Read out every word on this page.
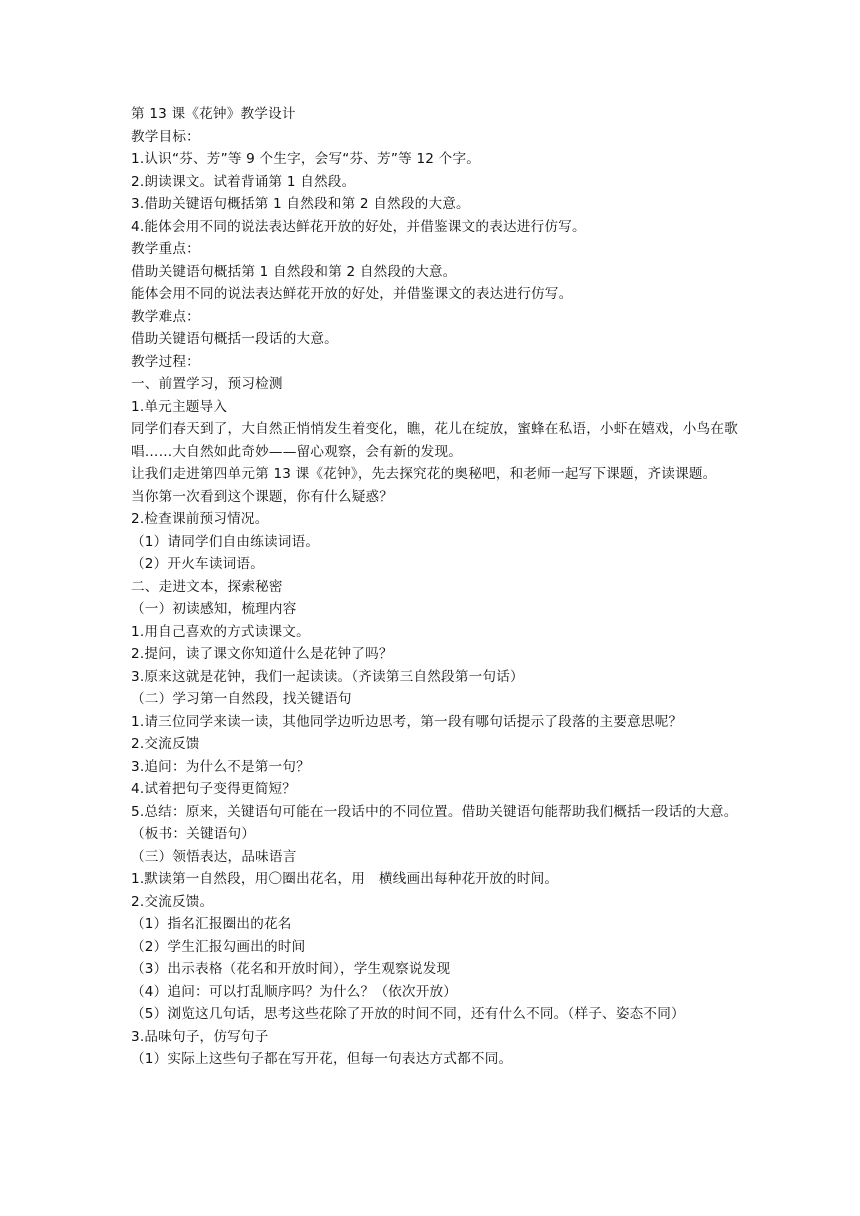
第 13 课《花钟》教学设计

教学目标：

1.认识“芬、芳”等 9 个生字，会写“芬、芳”等 12 个字。

2.朗读课文。试着背诵第 1 自然段。

3.借助关键语句概括第 1 自然段和第 2 自然段的大意。

4.能体会用不同的说法表达鲜花开放的好处，并借鉴课文的表达进行仿写。

教学重点：

借助关键语句概括第 1 自然段和第 2 自然段的大意。

能体会用不同的说法表达鲜花开放的好处，并借鉴课文的表达进行仿写。

教学难点：

借助关键语句概括一段话的大意。

教学过程：

一、前置学习，预习检测

1.单元主题导入

同学们春天到了，大自然正悄悄发生着变化，瞧，花儿在绽放，蜜蜂在私语，小虾在嬉戏，小鸟在歌唱……大自然如此奇妙——留心观察，会有新的发现。

让我们走进第四单元第 13 课《花钟》，先去探究花的奥秘吧，和老师一起写下课题，齐读课题。

当你第一次看到这个课题，你有什么疑惑？

2.检查课前预习情况。

（1）请同学们自由练读词语。

（2）开火车读词语。

二、走进文本，探索秘密

（一）初读感知，梳理内容

1.用自己喜欢的方式读课文。

2.提问，读了课文你知道什么是花钟了吗？

3.原来这就是花钟，我们一起读读。（齐读第三自然段第一句话）

（二）学习第一自然段，找关键语句

1.请三位同学来读一读，其他同学边听边思考，第一段有哪句话提示了段落的主要意思呢？

2.交流反馈

3.追问：为什么不是第一句？

4.试着把句子变得更简短？

5.总结：原来，关键语句可能在一段话中的不同位置。借助关键语句能帮助我们概括一段话的大意。（板书：关键语句）

（三）领悟表达，品味语言

1.默读第一自然段，用〇圈出花名，用　横线画出每种花开放的时间。

2.交流反馈。

（1）指名汇报圈出的花名

（2）学生汇报勾画出的时间

（3）出示表格（花名和开放时间），学生观察说发现

（4）追问：可以打乱顺序吗？为什么？（依次开放）

（5）浏览这几句话，思考这些花除了开放的时间不同，还有什么不同。（样子、姿态不同）

3.品味句子，仿写句子

（1）实际上这些句子都在写开花，但每一句表达方式都不同。
